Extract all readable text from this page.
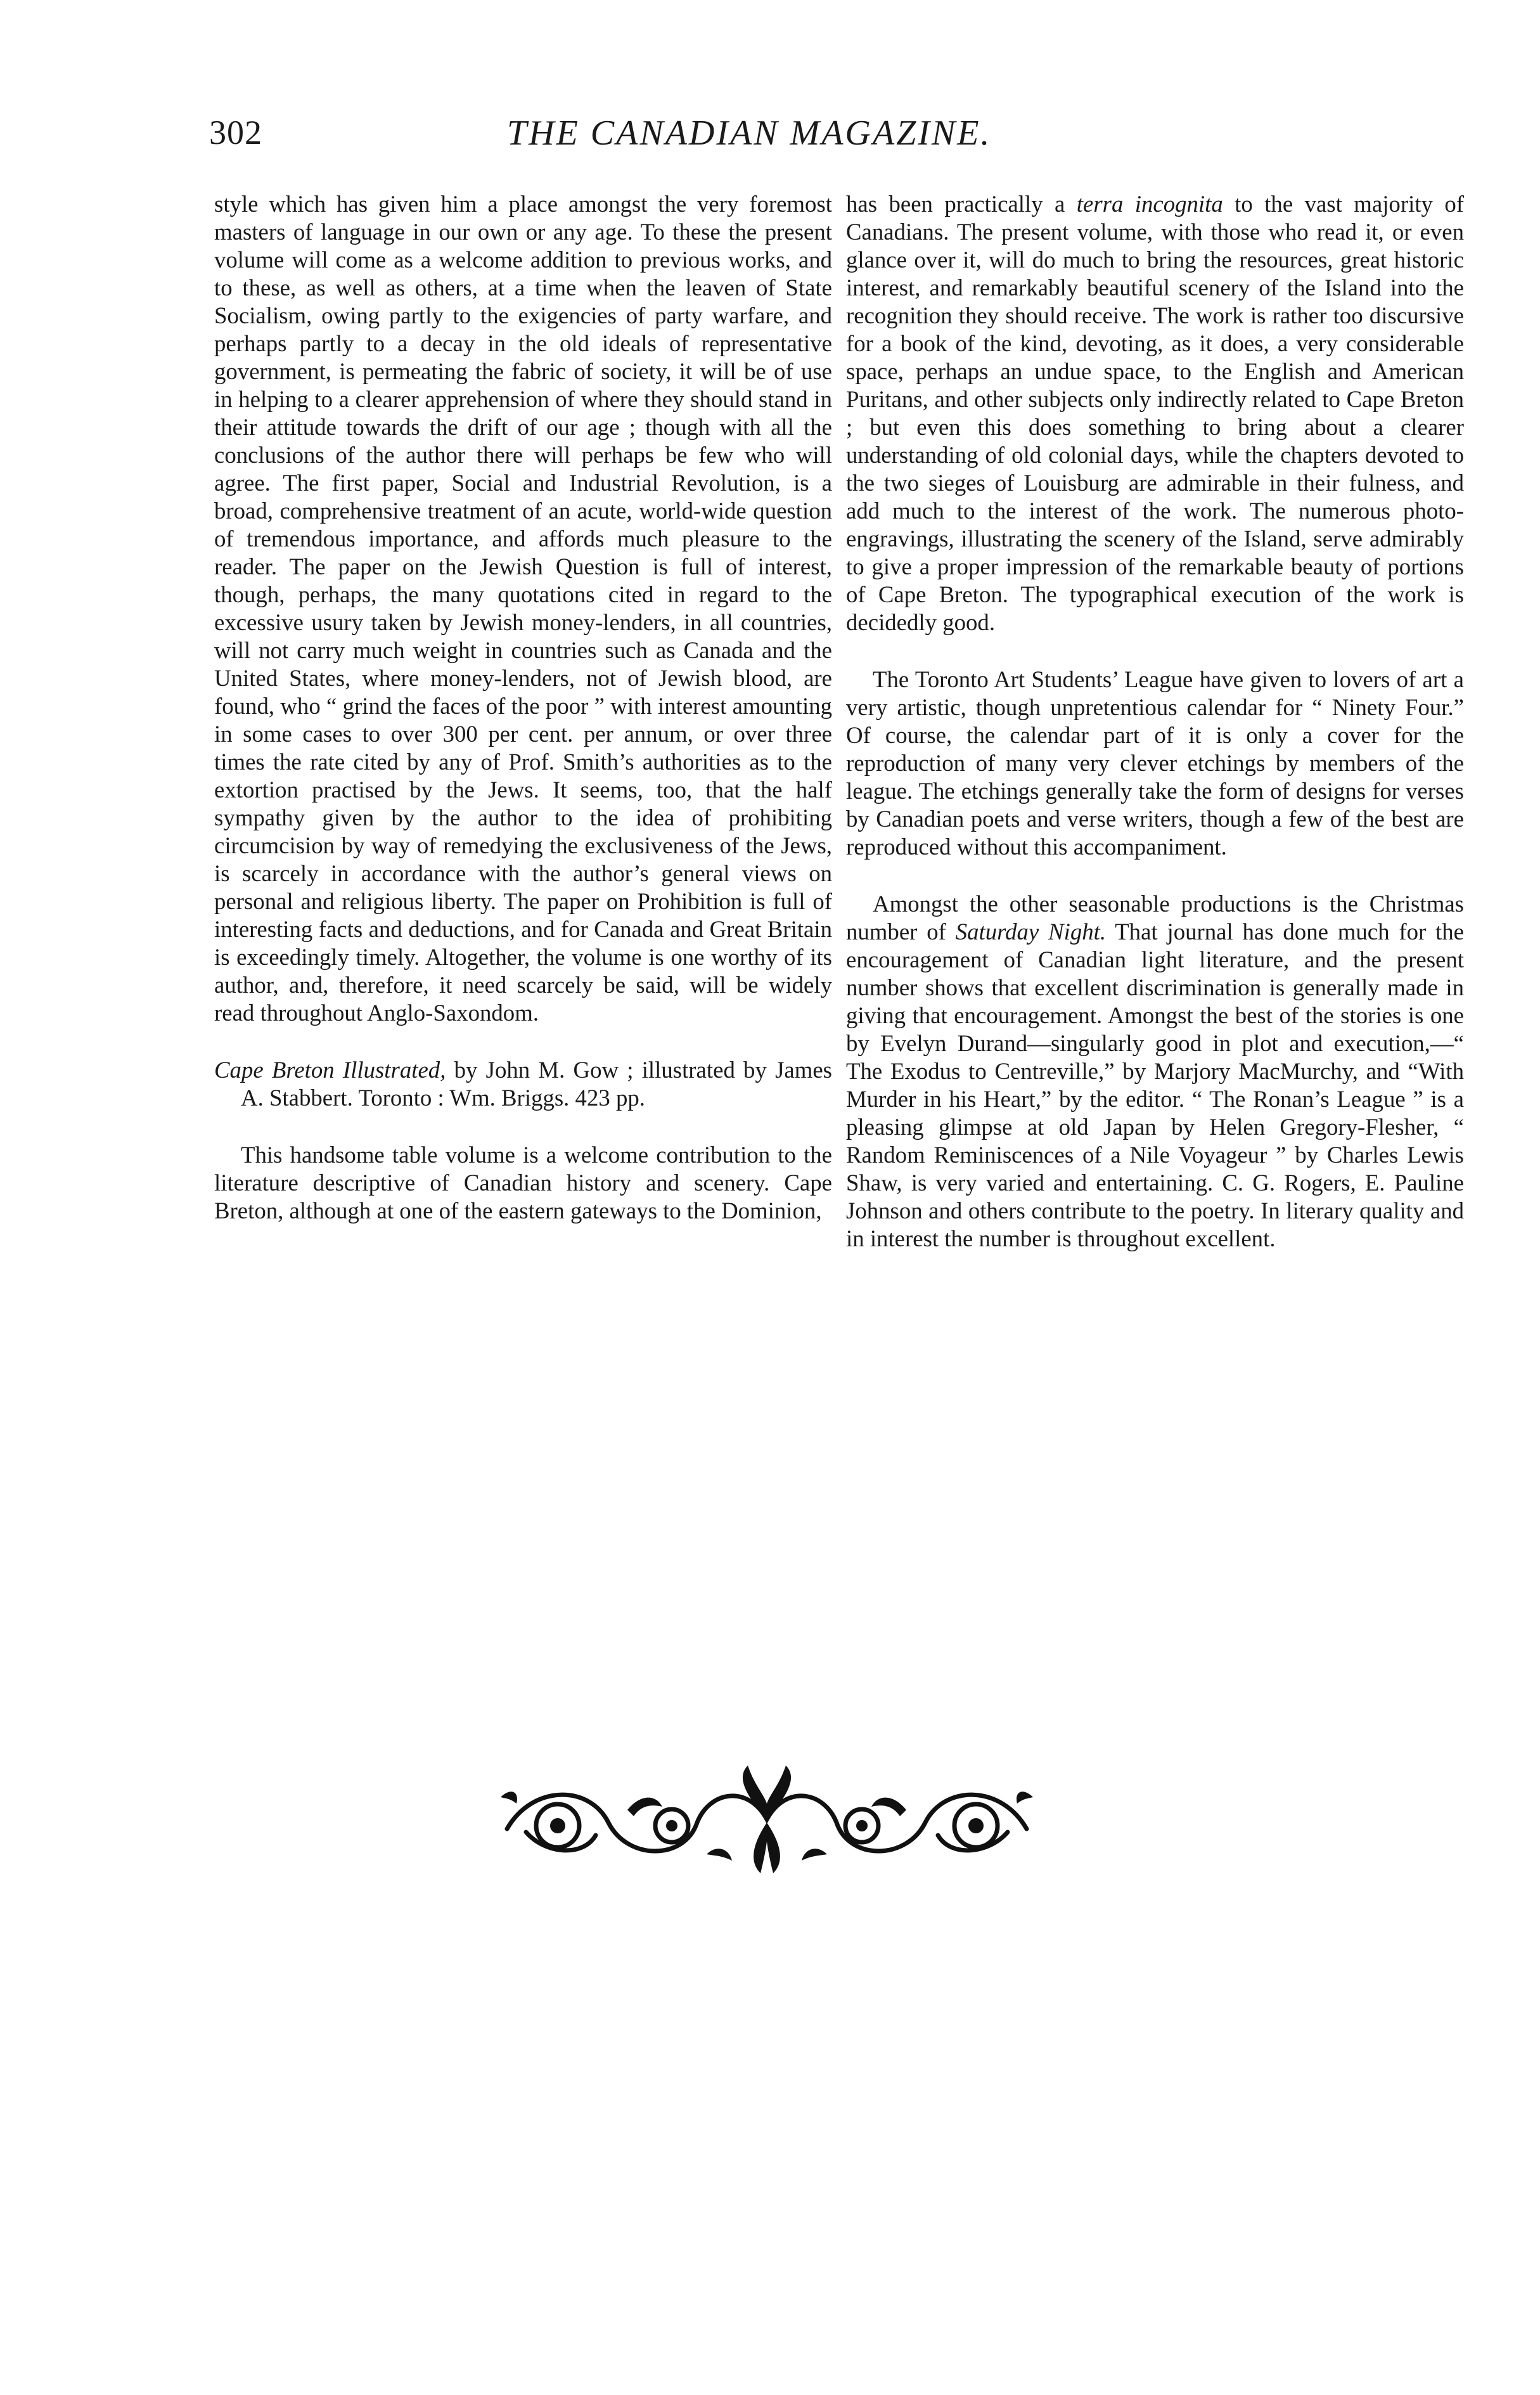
302	THE CANADIAN MAGAZINE.

style which has given him a place amongst the very foremost masters of language in our own or any age. To these the present volume will come as a welcome addition to previous works, and to these, as well as others, at a time when the leaven of State Socialism, owing partly to the exigencies of party warfare, and perhaps partly to a decay in the old ideals of representative government, is permeating the fabric of society, it will be of use in helping to a clearer apprehension of where they should stand in their attitude towards the drift of our age ; though with all the conclusions of the author there will perhaps be few who will agree. The first paper, Social and Industrial Revolution, is a broad, comprehensive treatment of an acute, world-wide question of tremendous importance, and affords much pleasure to the reader. The paper on the Jewish Question is full of interest, though, perhaps, the many quotations cited in regard to the excessive usury taken by Jewish money-lenders, in all countries, will not carry much weight in countries such as Canada and the United States, where money-lenders, not of Jewish blood, are found, who “ grind the faces of the poor ” with interest amounting in some cases to over 300 per cent. per annum, or over three times the rate cited by any of Prof. Smith’s authorities as to the extortion practised by the Jews. It seems, too, that the half sympathy given by the author to the idea of prohibiting circumcision by way of remedying the exclusiveness of the Jews, is scarcely in accordance with the author’s general views on personal and religious liberty. The paper on Prohibition is full of interesting facts and deductions, and for Canada and Great Britain is exceedingly timely. Altogether, the volume is one worthy of its author, and, therefore, it need scarcely be said, will be widely read throughout Anglo-Saxondom.

Cape Breton Illustrated, by John M. Gow ; illustrated by James A. Stabbert. Toronto : Wm. Briggs. 423 pp.

This handsome table volume is a welcome contribution to the literature descriptive of Canadian history and scenery. Cape Breton, although at one of the eastern gateways to the Dominion,

has been practically a terra incognita to the vast majority of Canadians. The present volume, with those who read it, or even glance over it, will do much to bring the resources, great historic interest, and remarkably beautiful scenery of the Island into the recognition they should receive. The work is rather too discursive for a book of the kind, devoting, as it does, a very considerable space, perhaps an undue space, to the English and American Puritans, and other subjects only indirectly related to Cape Breton ; but even this does something to bring about a clearer understanding of old colonial days, while the chapters devoted to the two sieges of Louisburg are admirable in their fulness, and add much to the interest of the work. The numerous photo-engravings, illustrating the scenery of the Island, serve admirably to give a proper impression of the remarkable beauty of portions of Cape Breton. The typographical execution of the work is decidedly good.

The Toronto Art Students’ League have given to lovers of art a very artistic, though unpretentious calendar for “ Ninety Four.” Of course, the calendar part of it is only a cover for the reproduction of many very clever etchings by members of the league. The etchings generally take the form of designs for verses by Canadian poets and verse writers, though a few of the best are reproduced without this accompaniment.

Amongst the other seasonable productions is the Christmas number of Saturday Night. That journal has done much for the encouragement of Canadian light literature, and the present number shows that excellent discrimination is generally made in giving that encouragement. Amongst the best of the stories is one by Evelyn Durand—singularly good in plot and execution,—“ The Exodus to Centreville,” by Marjory MacMurchy, and “With Murder in his Heart,” by the editor. “ The Ronan’s League ” is a pleasing glimpse at old Japan by Helen Gregory-Flesher, “ Random Reminiscences of a Nile Voyageur ” by Charles Lewis Shaw, is very varied and entertaining. C. G. Rogers, E. Pauline Johnson and others contribute to the poetry. In literary quality and in interest the number is throughout excellent.
